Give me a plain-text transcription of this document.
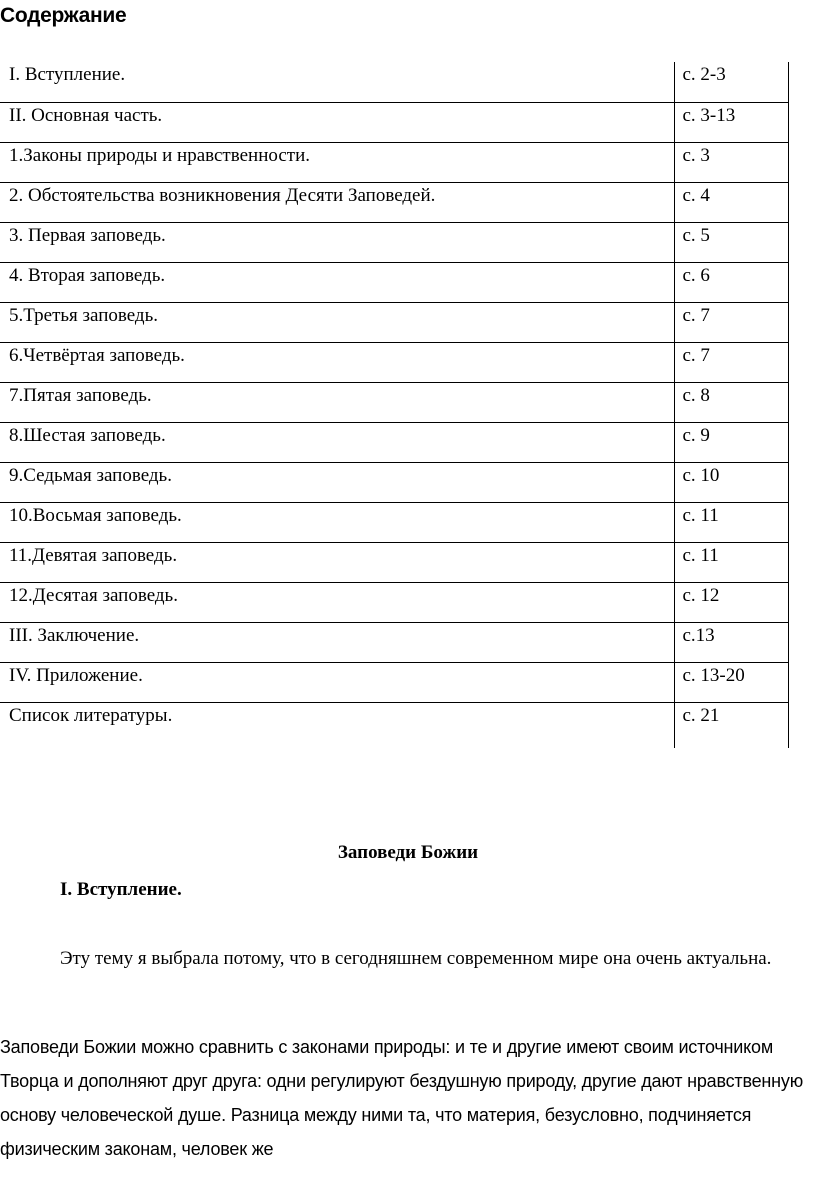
Содержание
I. Вступление.	с. 2-3
II. Основная часть.	с. 3-13
1.Законы природы и нравственности.	с. 3
2. Обстоятельства возникновения Десяти Заповедей.	с. 4
3. Первая заповедь.	с. 5
4. Вторая заповедь.	с. 6
5.Третья заповедь.	с. 7
6.Четвёртая заповедь.	с. 7
7.Пятая заповедь.	с. 8
8.Шестая заповедь.	с. 9
9.Седьмая заповедь.	с. 10
10.Восьмая заповедь.	с. 11
11.Девятая заповедь.	с. 11
12.Десятая заповедь.	с. 12
III. Заключение.	с.13
IV. Приложение.	с. 13-20
Список литературы.	с. 21
Заповеди Божии
I. Вступление.

Эту тему я выбрала потому, что в сегодняшнем современном мире она очень актуальна.

Заповеди Божии можно сравнить с законами природы: и те и другие имеют своим источником Творца и дополняют друг друга: одни регулируют бездушную природу, другие дают нравственную основу человеческой душе. Разница между ними та, что материя, безусловно, подчиняется физическим законам, человек же
